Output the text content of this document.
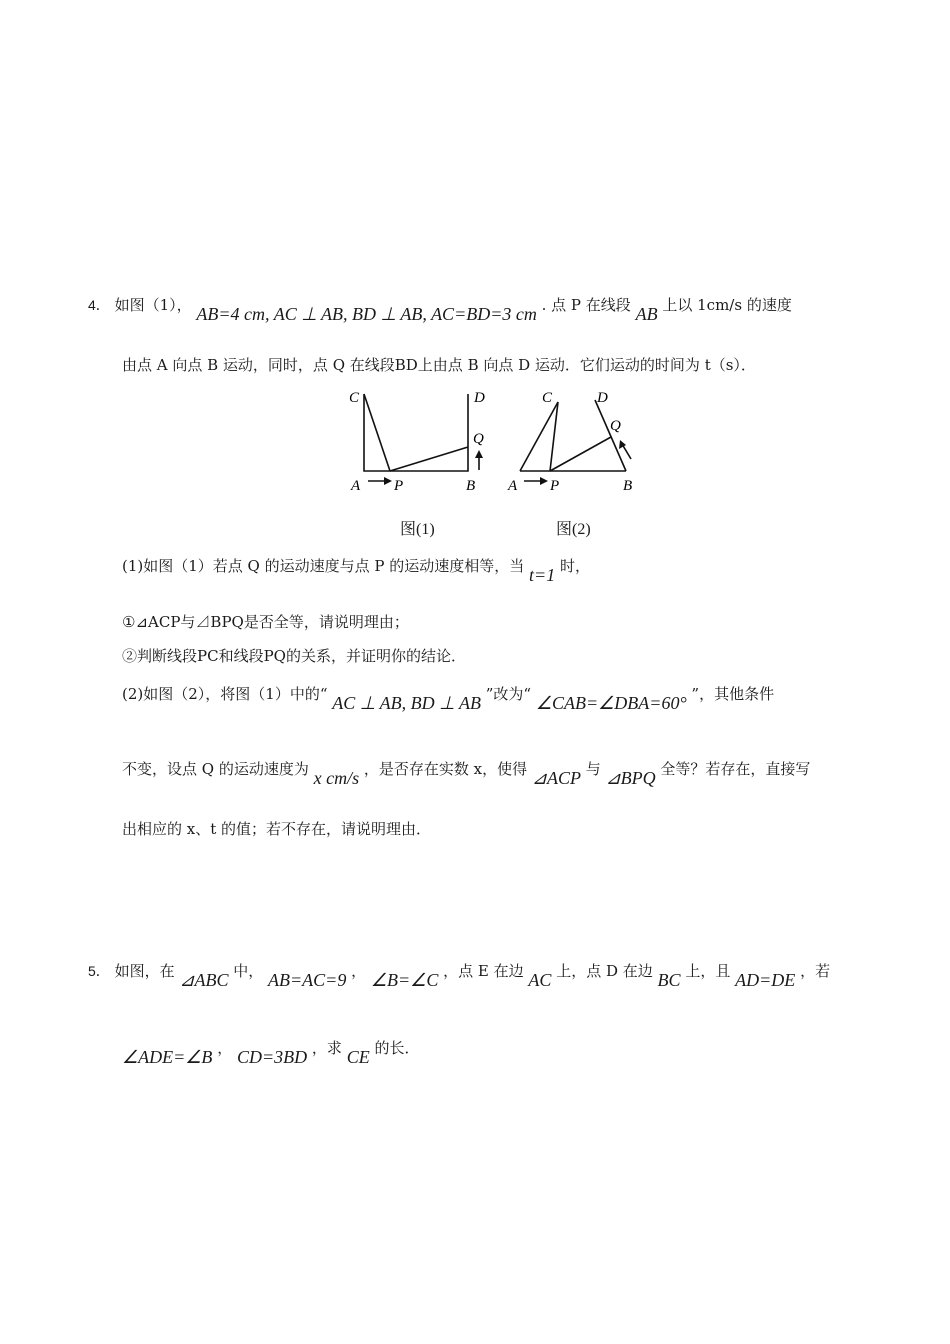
4． 如图（1）， AB=4 cm, AC ⊥ AB, BD ⊥ AB, AC=BD=3 cm . 点 P 在线段 AB 上以 1cm/s 的速度
由点 A 向点 B 运动，同时，点 Q 在线段BD上由点 B 向点 D 运动．它们运动的时间为 t（s）．
C	D
Q
A P	B
图(1)
C	D
Q
A P	B
图(2)
(1)如图（1）若点 Q 的运动速度与点 P 的运动速度相等，当 t=1 时，
①⊿ACP与⊿BPQ是否全等，请说明理由；
②判断线段PC和线段PQ的关系，并证明你的结论．
(2)如图（2），将图（1）中的“ AC ⊥ AB, BD ⊥ AB ”改为“ ∠CAB=∠DBA=60° ”，其他条件
不变，设点 Q 的运动速度为 x cm/s ，是否存在实数 x，使得 ⊿ACP 与 ⊿BPQ 全等？若存在，直接写
出相应的 x、t 的值；若不存在，请说明理由．
5． 如图，在 ⊿ABC 中， AB=AC=9 ， ∠B=∠C ，点 E 在边 AC 上，点 D 在边 BC 上，且 AD=DE ，若
∠ADE=∠B ， CD=3BD ，求 CE 的长．
